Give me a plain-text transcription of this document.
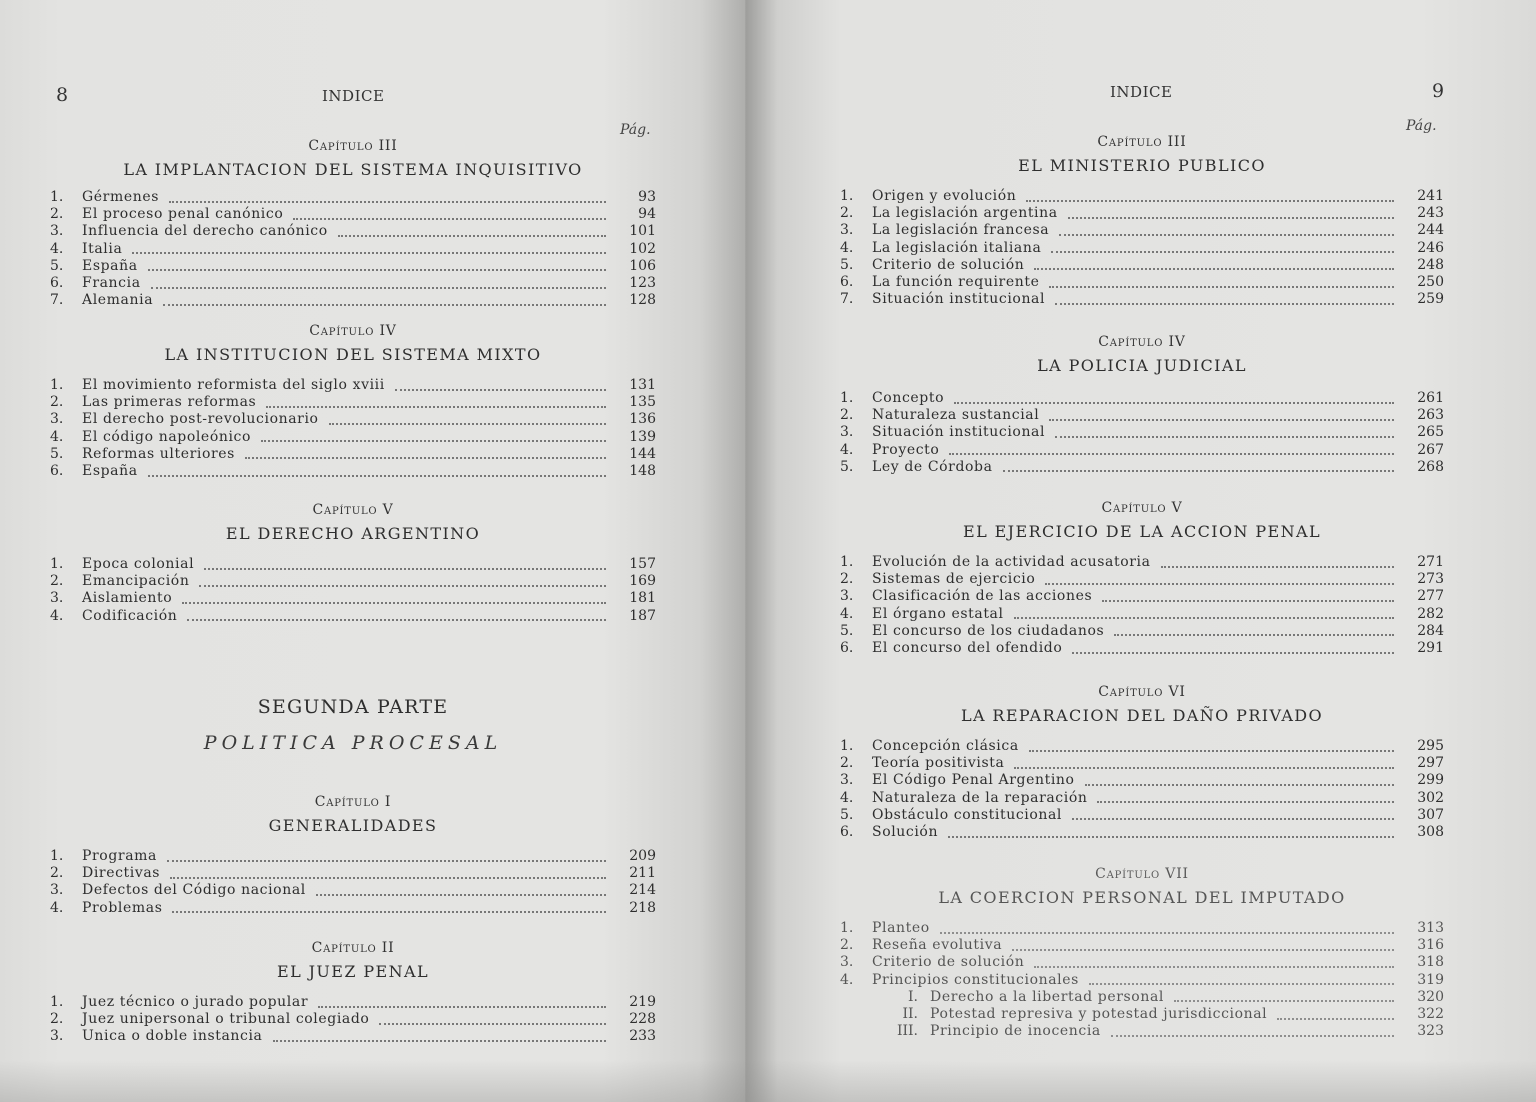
8	INDICE
Pág.
Capítulo III
LA IMPLANTACION DEL SISTEMA INQUISITIVO
1.	Gérmenes	93
2.	El proceso penal canónico	94
3.	Influencia del derecho canónico	101
4.	Italia	102
5.	España	106
6.	Francia	123
7.	Alemania	128
Capítulo IV
LA INSTITUCION DEL SISTEMA MIXTO
1.	El movimiento reformista del siglo xviii	131
2.	Las primeras reformas	135
3.	El derecho post-revolucionario	136
4.	El código napoleónico	139
5.	Reformas ulteriores	144
6.	España	148
Capítulo V
EL DERECHO ARGENTINO
1.	Epoca colonial	157
2.	Emancipación	169
3.	Aislamiento	181
4.	Codificación	187
SEGUNDA PARTE
POLITICA PROCESAL
Capítulo I
GENERALIDADES
1.	Programa	209
2.	Directivas	211
3.	Defectos del Código nacional	214
4.	Problemas	218
Capítulo II
EL JUEZ PENAL
1.	Juez técnico o jurado popular	219
2.	Juez unipersonal o tribunal colegiado	228
3.	Unica o doble instancia	233
INDICE	9
Pág.
Capítulo III
EL MINISTERIO PUBLICO
1.	Origen y evolución	241
2.	La legislación argentina	243
3.	La legislación francesa	244
4.	La legislación italiana	246
5.	Criterio de solución	248
6.	La función requirente	250
7.	Situación institucional	259
Capítulo IV
LA POLICIA JUDICIAL
1.	Concepto	261
2.	Naturaleza sustancial	263
3.	Situación institucional	265
4.	Proyecto	267
5.	Ley de Córdoba	268
Capítulo V
EL EJERCICIO DE LA ACCION PENAL
1.	Evolución de la actividad acusatoria	271
2.	Sistemas de ejercicio	273
3.	Clasificación de las acciones	277
4.	El órgano estatal	282
5.	El concurso de los ciudadanos	284
6.	El concurso del ofendido	291
Capítulo VI
LA REPARACION DEL DAÑO PRIVADO
1.	Concepción clásica	295
2.	Teoría positivista	297
3.	El Código Penal Argentino	299
4.	Naturaleza de la reparación	302
5.	Obstáculo constitucional	307
6.	Solución	308
Capítulo VII
LA COERCION PERSONAL DEL IMPUTADO
1.	Planteo	313
2.	Reseña evolutiva	316
3.	Criterio de solución	318
4.	Principios constitucionales	319
I. Derecho a la libertad personal	320
II. Potestad represiva y potestad jurisdiccional	322
III. Principio de inocencia	323
